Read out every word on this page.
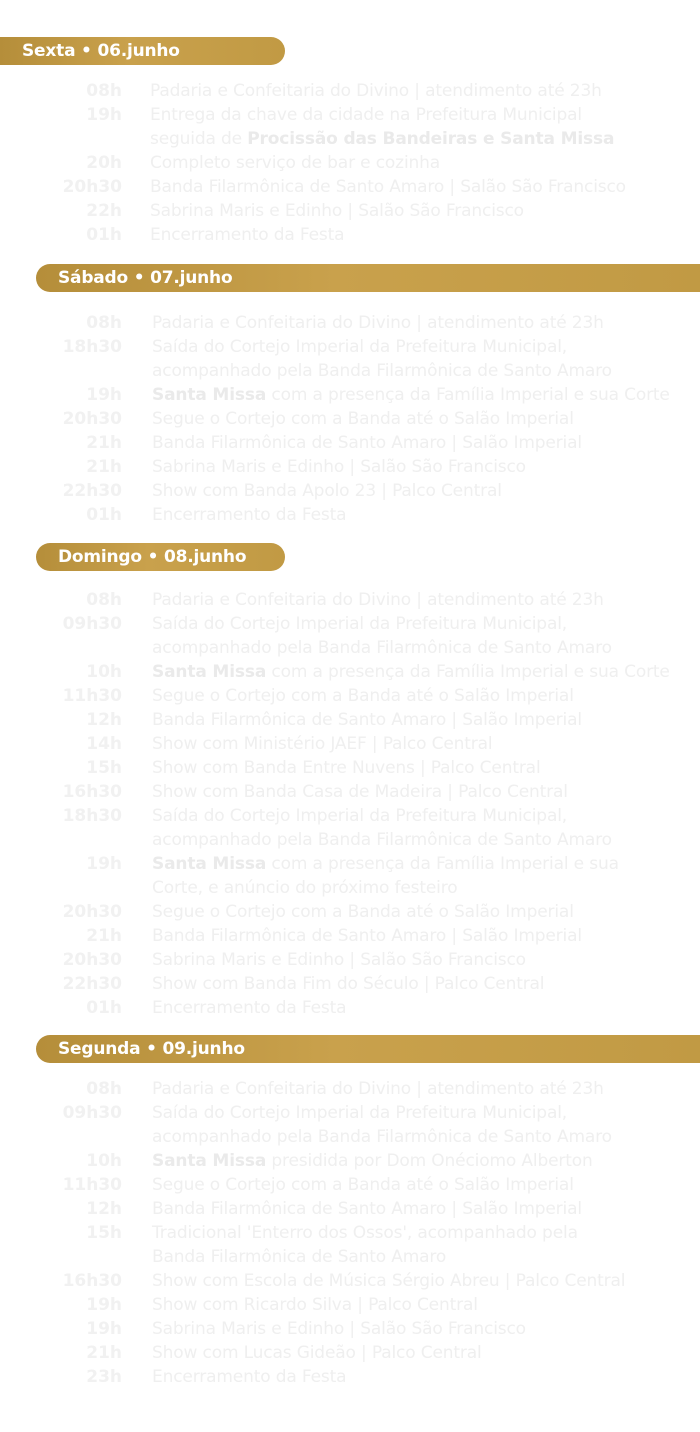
Sexta • 06.junho
08h Padaria e Confeitaria do Divino | atendimento até 23h
19h Entrega da chave da cidade na Prefeitura Municipal
seguida de Procissão das Bandeiras e Santa Missa
20h Completo serviço de bar e cozinha
20h30 Banda Filarmônica de Santo Amaro | Salão São Francisco
22h Sabrina Maris e Edinho | Salão São Francisco
01h Encerramento da Festa
Sábado • 07.junho
08h Padaria e Confeitaria do Divino | atendimento até 23h
18h30 Saída do Cortejo Imperial da Prefeitura Municipal,
acompanhado pela Banda Filarmônica de Santo Amaro
19h Santa Missa com a presença da Família Imperial e sua Corte
20h30 Segue o Cortejo com a Banda até o Salão Imperial
21h Banda Filarmônica de Santo Amaro | Salão Imperial
21h Sabrina Maris e Edinho | Salão São Francisco
22h30 Show com Banda Apolo 23 | Palco Central
01h Encerramento da Festa
Domingo • 08.junho
08h Padaria e Confeitaria do Divino | atendimento até 23h
09h30 Saída do Cortejo Imperial da Prefeitura Municipal,
acompanhado pela Banda Filarmônica de Santo Amaro
10h Santa Missa com a presença da Família Imperial e sua Corte
11h30 Segue o Cortejo com a Banda até o Salão Imperial
12h Banda Filarmônica de Santo Amaro | Salão Imperial
14h Show com Ministério JAEF | Palco Central
15h Show com Banda Entre Nuvens | Palco Central
16h30 Show com Banda Casa de Madeira | Palco Central
18h30 Saída do Cortejo Imperial da Prefeitura Municipal,
acompanhado pela Banda Filarmônica de Santo Amaro
19h Santa Missa com a presença da Família Imperial e sua
Corte, e anúncio do próximo festeiro
20h30 Segue o Cortejo com a Banda até o Salão Imperial
21h Banda Filarmônica de Santo Amaro | Salão Imperial
20h30 Sabrina Maris e Edinho | Salão São Francisco
22h30 Show com Banda Fim do Século | Palco Central
01h Encerramento da Festa
Segunda • 09.junho
08h Padaria e Confeitaria do Divino | atendimento até 23h
09h30 Saída do Cortejo Imperial da Prefeitura Municipal,
acompanhado pela Banda Filarmônica de Santo Amaro
10h Santa Missa presidida por Dom Onéciomo Alberton
11h30 Segue o Cortejo com a Banda até o Salão Imperial
12h Banda Filarmônica de Santo Amaro | Salão Imperial
15h Tradicional 'Enterro dos Ossos', acompanhado pela
Banda Filarmônica de Santo Amaro
16h30 Show com Escola de Música Sérgio Abreu | Palco Central
19h Show com Ricardo Silva | Palco Central
19h Sabrina Maris e Edinho | Salão São Francisco
21h Show com Lucas Gideão | Palco Central
23h Encerramento da Festa
